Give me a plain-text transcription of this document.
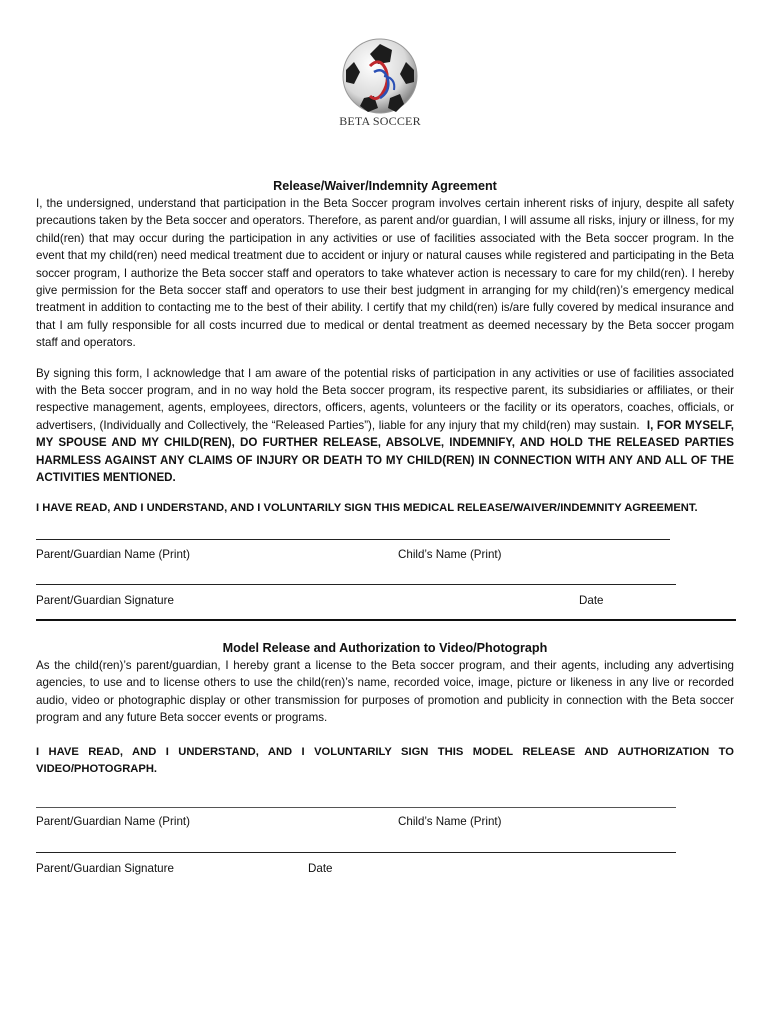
BETA SOCCER
Release/Waiver/Indemnity Agreement

I, the undersigned, understand that participation in the Beta Soccer program involves certain inherent risks of injury, despite all safety precautions taken by the Beta soccer and operators. Therefore, as parent and/or guardian, I will assume all risks, injury or illness, for my child(ren) that may occur during the participation in any activities or use of facilities associated with the Beta soccer program. In the event that my child(ren) need medical treatment due to accident or injury or natural causes while registered and participating in the Beta soccer program, I authorize the Beta soccer staff and operators to take whatever action is necessary to care for my child(ren). I hereby give permission for the Beta soccer staff and operators to use their best judgment in arranging for my child(ren)’s emergency medical treatment in addition to contacting me to the best of their ability. I certify that my child(ren) is/are fully covered by medical insurance and that I am fully responsible for all costs incurred due to medical or dental treatment as deemed necessary by the Beta soccer progam staff and operators.

By signing this form, I acknowledge that I am aware of the potential risks of participation in any activities or use of facilities associated with the Beta soccer program, and in no way hold the Beta soccer program, its respective parent, its subsidiaries or affiliates, or their respective management, agents, employees, directors, officers, agents, volunteers or the facility or its operators, coaches, officials, or advertisers, (Individually and Collectively, the “Released Parties”), liable for any injury that my child(ren) may sustain. I, FOR MYSELF, MY SPOUSE AND MY CHILD(REN), DO FURTHER RELEASE, ABSOLVE, INDEMNIFY, AND HOLD THE RELEASED PARTIES HARMLESS AGAINST ANY CLAIMS OF INJURY OR DEATH TO MY CHILD(REN) IN CONNECTION WITH ANY AND ALL OF THE ACTIVITIES MENTIONED.

I HAVE READ, AND I UNDERSTAND, AND I VOLUNTARILY SIGN THIS MEDICAL RELEASE/WAIVER/INDEMNITY AGREEMENT.

Parent/Guardian Name (Print)	Child’s Name (Print)
Parent/Guardian Signature	Date
Model Release and Authorization to Video/Photograph

As the child(ren)’s parent/guardian, I hereby grant a license to the Beta soccer program, and their agents, including any advertising agencies, to use and to license others to use the child(ren)’s name, recorded voice, image, picture or likeness in any live or recorded audio, video or photographic display or other transmission for purposes of promotion and publicity in connection with the Beta soccer program and any future Beta soccer events or programs.

I HAVE READ, AND I UNDERSTAND, AND I VOLUNTARILY SIGN THIS MODEL RELEASE AND AUTHORIZATION TO VIDEO/PHOTOGRAPH.

Parent/Guardian Name (Print)	Child’s Name (Print)
Parent/Guardian Signature	Date
